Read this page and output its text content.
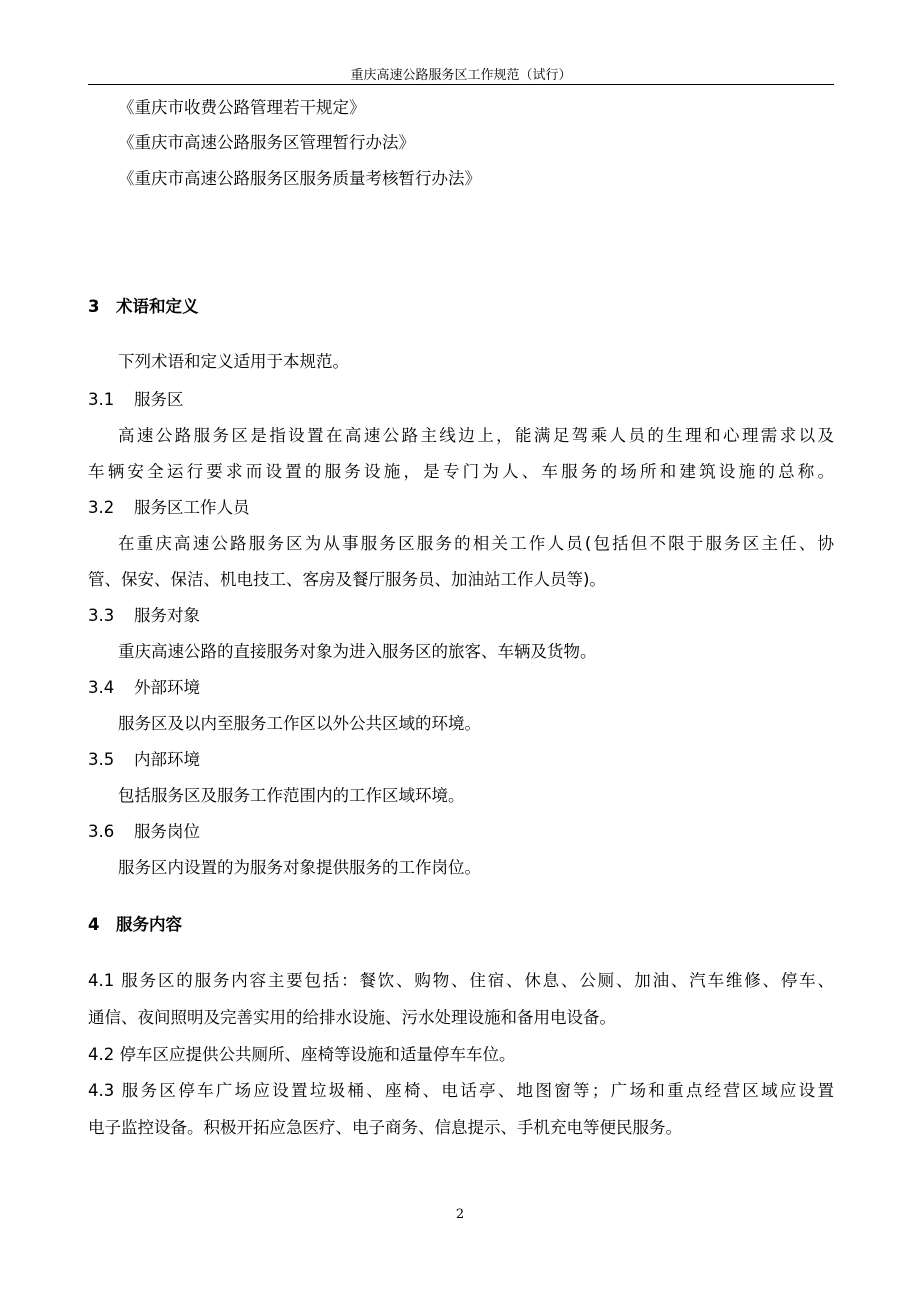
重庆高速公路服务区工作规范（试行）
《重庆市收费公路管理若干规定》
《重庆市高速公路服务区管理暂行办法》
《重庆市高速公路服务区服务质量考核暂行办法》
3 术语和定义
下列术语和定义适用于本规范。
3.1 服务区
高速公路服务区是指设置在高速公路主线边上，能满足驾乘人员的生理和心理需求以及
车辆安全运行要求而设置的服务设施，是专门为人、车服务的场所和建筑设施的总称。
3.2 服务区工作人员
在重庆高速公路服务区为从事服务区服务的相关工作人员(包括但不限于服务区主任、协
管、保安、保洁、机电技工、客房及餐厅服务员、加油站工作人员等)。
3.3 服务对象
重庆高速公路的直接服务对象为进入服务区的旅客、车辆及货物。
3.4 外部环境
服务区及以内至服务工作区以外公共区域的环境。
3.5 内部环境
包括服务区及服务工作范围内的工作区域环境。
3.6 服务岗位
服务区内设置的为服务对象提供服务的工作岗位。
4 服务内容
4.1 服务区的服务内容主要包括：餐饮、购物、住宿、休息、公厕、加油、汽车维修、停车、
通信、夜间照明及完善实用的给排水设施、污水处理设施和备用电设备。
4.2 停车区应提供公共厕所、座椅等设施和适量停车车位。
4.3 服务区停车广场应设置垃圾桶、座椅、电话亭、地图窗等；广场和重点经营区域应设置
电子监控设备。积极开拓应急医疗、电子商务、信息提示、手机充电等便民服务。
2
